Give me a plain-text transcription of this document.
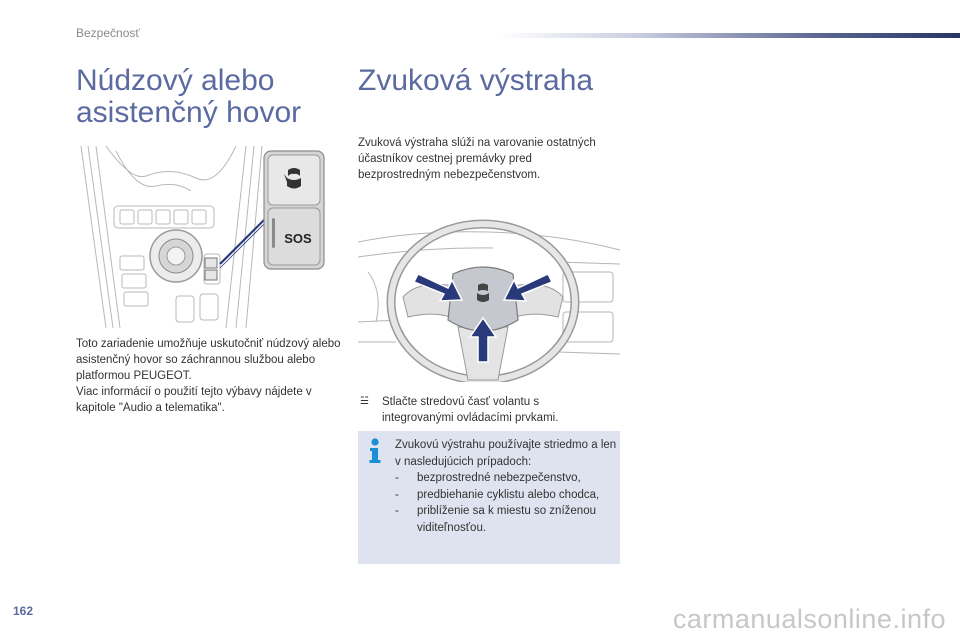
Bezpečnosť
Núdzový alebo asistenčný hovor
SOS

Toto zariadenie umožňuje uskutočniť núdzový alebo asistenčný hovor so záchrannou službou alebo platformou PEUGEOT.
Viac informácií o použití tejto výbavy nájdete v kapitole "Audio a telematika".

Zvuková výstraha

Zvuková výstraha slúži na varovanie ostatných účastníkov cestnej premávky pred bezprostredným nebezpečenstvom.

☱ Stlačte stredovú časť volantu s integrovanými ovládacími prvkami.
Zvukovú výstrahu používajte striedmo a len v nasledujúcich prípadoch:
-	bezprostredné nebezpečenstvo,
-	predbiehanie cyklistu alebo chodca,
-	priblíženie sa k miestu so zníženou viditeľnosťou.
162	carmanualsonline.info
